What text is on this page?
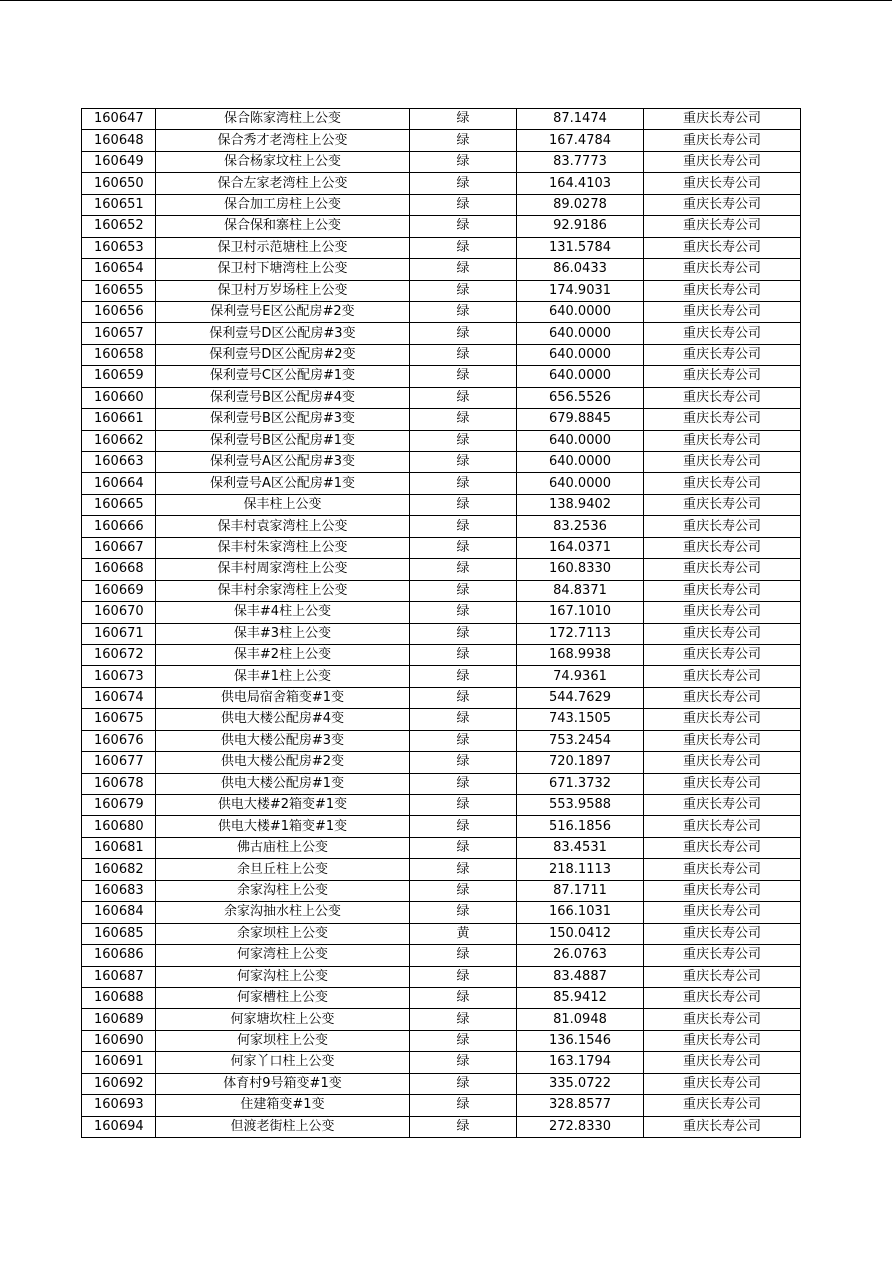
160647	保合陈家湾柱上公变	绿	87.1474	重庆长寿公司
160648	保合秀才老湾柱上公变	绿	167.4784	重庆长寿公司
160649	保合杨家坟柱上公变	绿	83.7773	重庆长寿公司
160650	保合左家老湾柱上公变	绿	164.4103	重庆长寿公司
160651	保合加工房柱上公变	绿	89.0278	重庆长寿公司
160652	保合保和寨柱上公变	绿	92.9186	重庆长寿公司
160653	保卫村示范塘柱上公变	绿	131.5784	重庆长寿公司
160654	保卫村下塘湾柱上公变	绿	86.0433	重庆长寿公司
160655	保卫村万岁场柱上公变	绿	174.9031	重庆长寿公司
160656	保利壹号E区公配房#2变	绿	640.0000	重庆长寿公司
160657	保利壹号D区公配房#3变	绿	640.0000	重庆长寿公司
160658	保利壹号D区公配房#2变	绿	640.0000	重庆长寿公司
160659	保利壹号C区公配房#1变	绿	640.0000	重庆长寿公司
160660	保利壹号B区公配房#4变	绿	656.5526	重庆长寿公司
160661	保利壹号B区公配房#3变	绿	679.8845	重庆长寿公司
160662	保利壹号B区公配房#1变	绿	640.0000	重庆长寿公司
160663	保利壹号A区公配房#3变	绿	640.0000	重庆长寿公司
160664	保利壹号A区公配房#1变	绿	640.0000	重庆长寿公司
160665	保丰柱上公变	绿	138.9402	重庆长寿公司
160666	保丰村袁家湾柱上公变	绿	83.2536	重庆长寿公司
160667	保丰村朱家湾柱上公变	绿	164.0371	重庆长寿公司
160668	保丰村周家湾柱上公变	绿	160.8330	重庆长寿公司
160669	保丰村余家湾柱上公变	绿	84.8371	重庆长寿公司
160670	保丰#4柱上公变	绿	167.1010	重庆长寿公司
160671	保丰#3柱上公变	绿	172.7113	重庆长寿公司
160672	保丰#2柱上公变	绿	168.9938	重庆长寿公司
160673	保丰#1柱上公变	绿	74.9361	重庆长寿公司
160674	供电局宿舍箱变#1变	绿	544.7629	重庆长寿公司
160675	供电大楼公配房#4变	绿	743.1505	重庆长寿公司
160676	供电大楼公配房#3变	绿	753.2454	重庆长寿公司
160677	供电大楼公配房#2变	绿	720.1897	重庆长寿公司
160678	供电大楼公配房#1变	绿	671.3732	重庆长寿公司
160679	供电大楼#2箱变#1变	绿	553.9588	重庆长寿公司
160680	供电大楼#1箱变#1变	绿	516.1856	重庆长寿公司
160681	佛古庙柱上公变	绿	83.4531	重庆长寿公司
160682	余旦丘柱上公变	绿	218.1113	重庆长寿公司
160683	余家沟柱上公变	绿	87.1711	重庆长寿公司
160684	余家沟抽水柱上公变	绿	166.1031	重庆长寿公司
160685	余家坝柱上公变	黄	150.0412	重庆长寿公司
160686	何家湾柱上公变	绿	26.0763	重庆长寿公司
160687	何家沟柱上公变	绿	83.4887	重庆长寿公司
160688	何家槽柱上公变	绿	85.9412	重庆长寿公司
160689	何家塘坎柱上公变	绿	81.0948	重庆长寿公司
160690	何家坝柱上公变	绿	136.1546	重庆长寿公司
160691	何家丫口柱上公变	绿	163.1794	重庆长寿公司
160692	体育村9号箱变#1变	绿	335.0722	重庆长寿公司
160693	住建箱变#1变	绿	328.8577	重庆长寿公司
160694	但渡老街柱上公变	绿	272.8330	重庆长寿公司
